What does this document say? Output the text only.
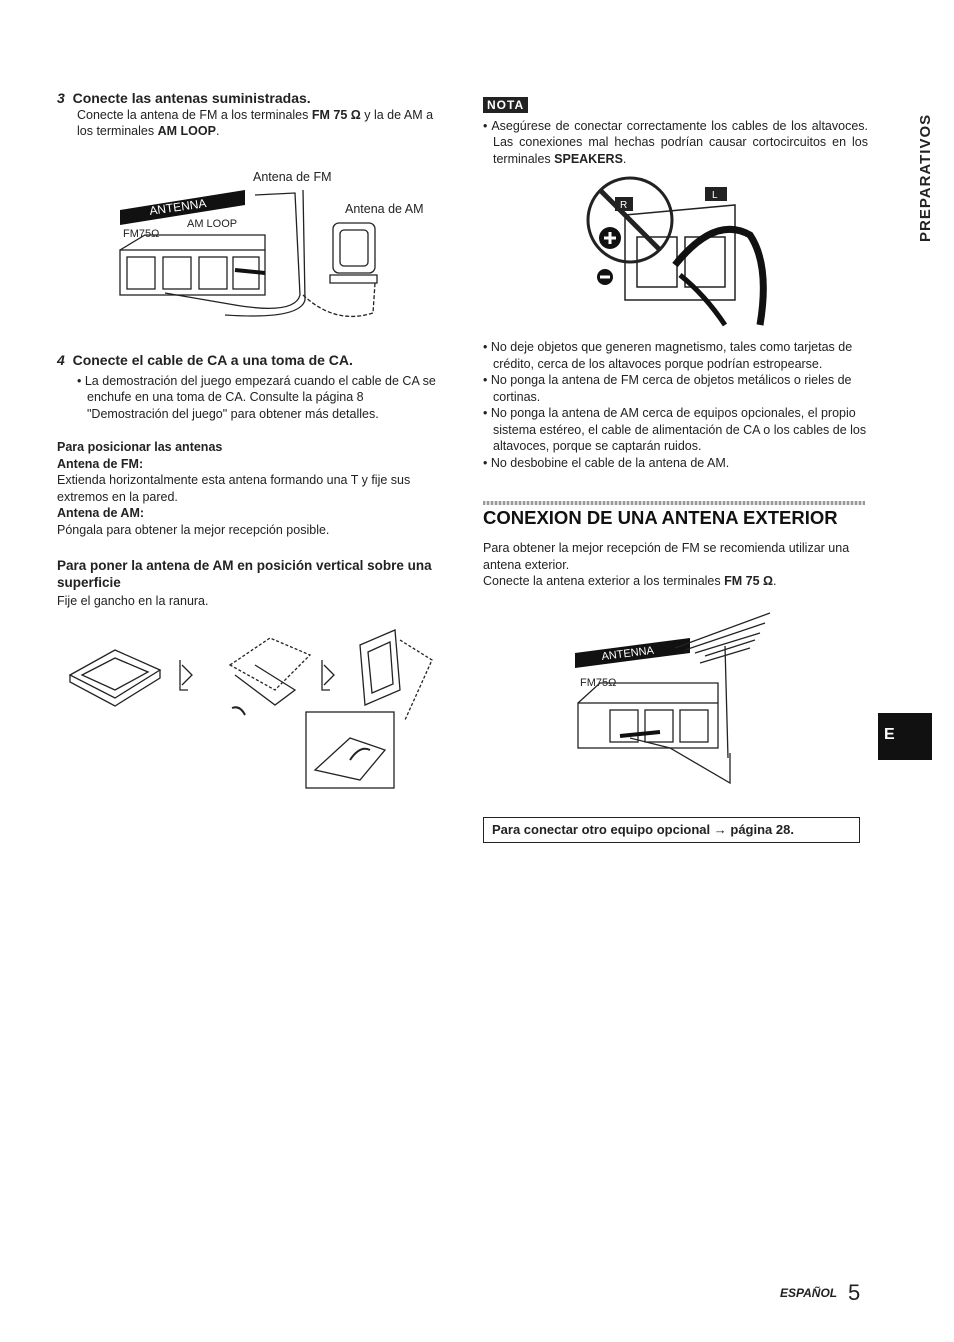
3 Conecte las antenas suministradas.
Conecte la antena de FM a los terminales FM 75 Ω y la de AM a los terminales AM LOOP.
ANTENNA
FM75Ω
AM LOOP
Antena de FM
Antena de AM
4 Conecte el cable de CA a una toma de CA.
• La demostración del juego empezará cuando el cable de CA se enchufe en una toma de CA. Consulte la página 8 "Demostración del juego" para obtener más detalles.
Para posicionar las antenas
Antena de FM:
Extienda horizontalmente esta antena formando una T y fije sus extremos en la pared.
Antena de AM:
Póngala para obtener la mejor recepción posible.
Para poner la antena de AM en posición vertical sobre una superficie
Fije el gancho en la ranura.
NOTA
• Asegúrese de conectar correctamente los cables de los altavoces. Las conexiones mal hechas podrían causar cortocircuitos en los terminales SPEAKERS.
R
L
• No deje objetos que generen magnetismo, tales como tarjetas de crédito, cerca de los altavoces porque podrían estropearse.
• No ponga la antena de FM cerca de objetos metálicos o rieles de cortinas.
• No ponga la antena de AM cerca de equipos opcionales, el propio sistema estéreo, el cable de alimentación de CA o los cables de los altavoces, porque se captarán ruidos.
• No desbobine el cable de la antena de AM.
CONEXION DE UNA ANTENA EXTERIOR
Para obtener la mejor recepción de FM se recomienda utilizar una antena exterior.
Conecte la antena exterior a los terminales FM 75 Ω.
ANTENNA
FM75Ω
Para conectar otro equipo opcional → página 28.
PREPARATIVOS
E
ESPAÑOL 5
